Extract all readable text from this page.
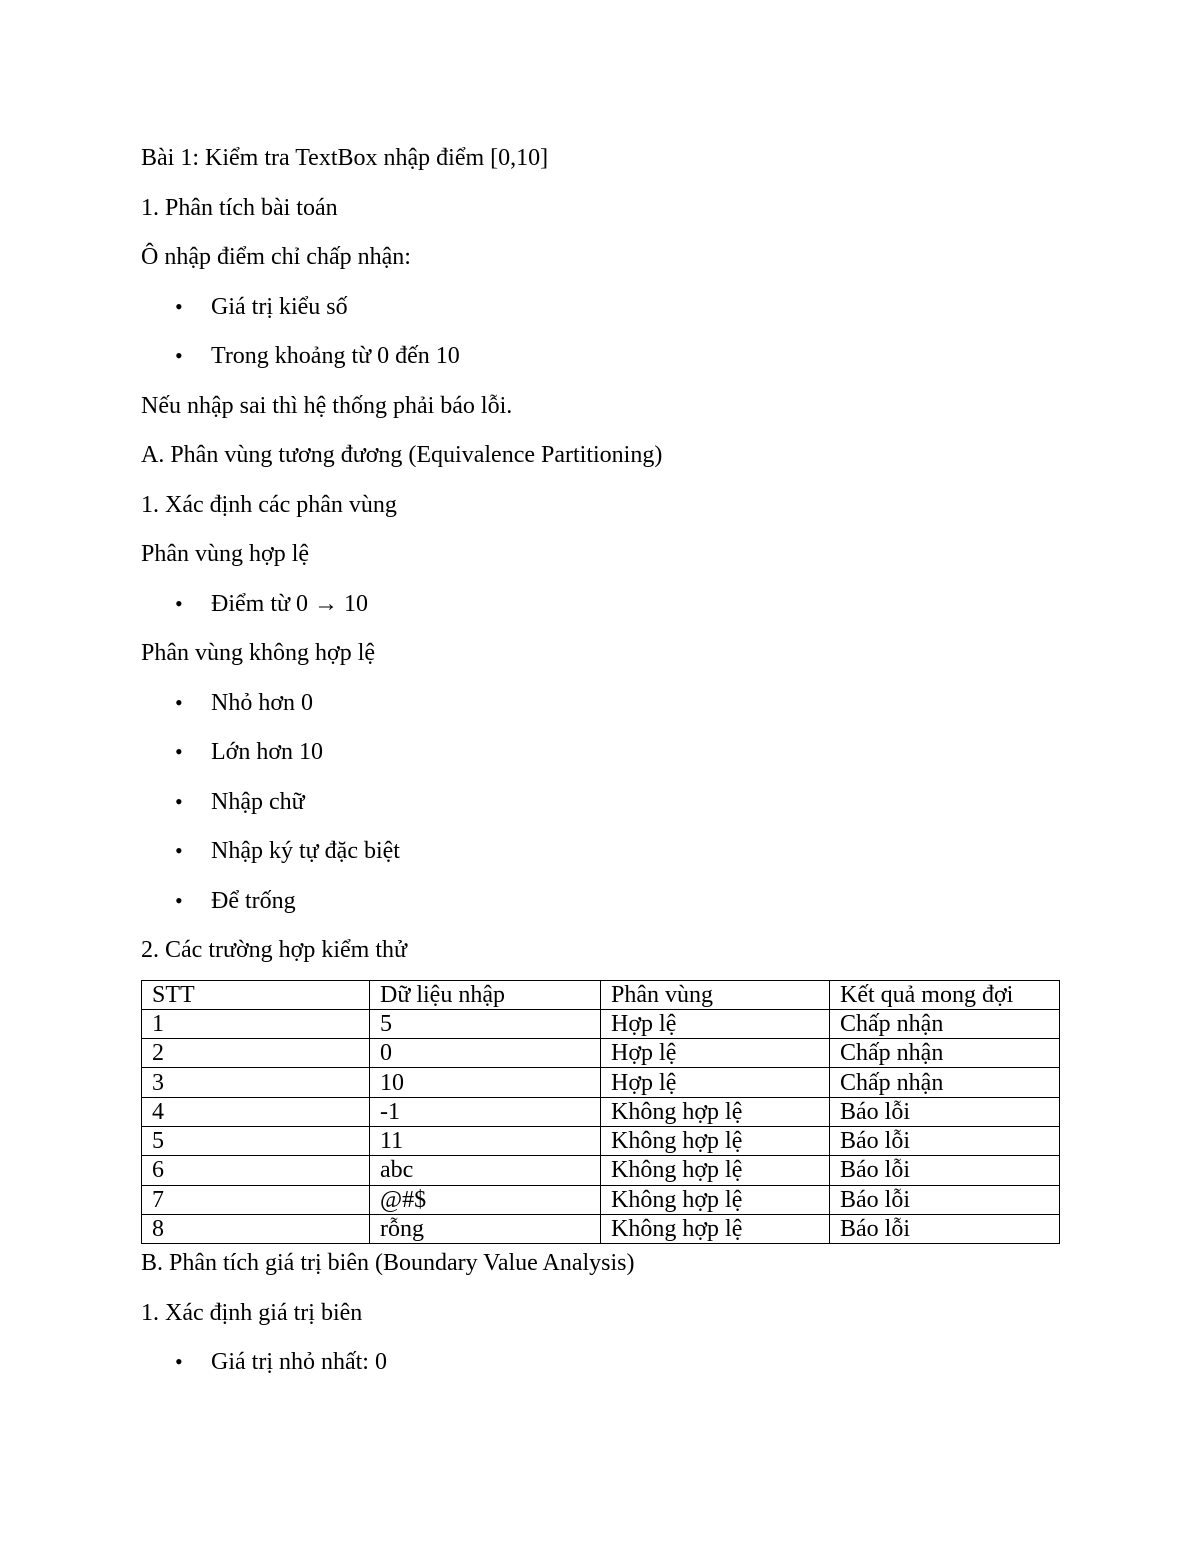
Bài 1: Kiểm tra TextBox nhập điểm [0,10]
1. Phân tích bài toán
Ô nhập điểm chỉ chấp nhận:
• Giá trị kiểu số
• Trong khoảng từ 0 đến 10
Nếu nhập sai thì hệ thống phải báo lỗi.
A. Phân vùng tương đương (Equivalence Partitioning)
1. Xác định các phân vùng
Phân vùng hợp lệ
• Điểm từ 0 → 10
Phân vùng không hợp lệ
• Nhỏ hơn 0
• Lớn hơn 10
• Nhập chữ
• Nhập ký tự đặc biệt
• Để trống
2. Các trường hợp kiểm thử
STT	Dữ liệu nhập	Phân vùng	Kết quả mong đợi
1	5	Hợp lệ	Chấp nhận
2	0	Hợp lệ	Chấp nhận
3	10	Hợp lệ	Chấp nhận
4	-1	Không hợp lệ	Báo lỗi
5	11	Không hợp lệ	Báo lỗi
6	abc	Không hợp lệ	Báo lỗi
7	@#$	Không hợp lệ	Báo lỗi
8	rỗng	Không hợp lệ	Báo lỗi
B. Phân tích giá trị biên (Boundary Value Analysis)
1. Xác định giá trị biên
• Giá trị nhỏ nhất: 0
